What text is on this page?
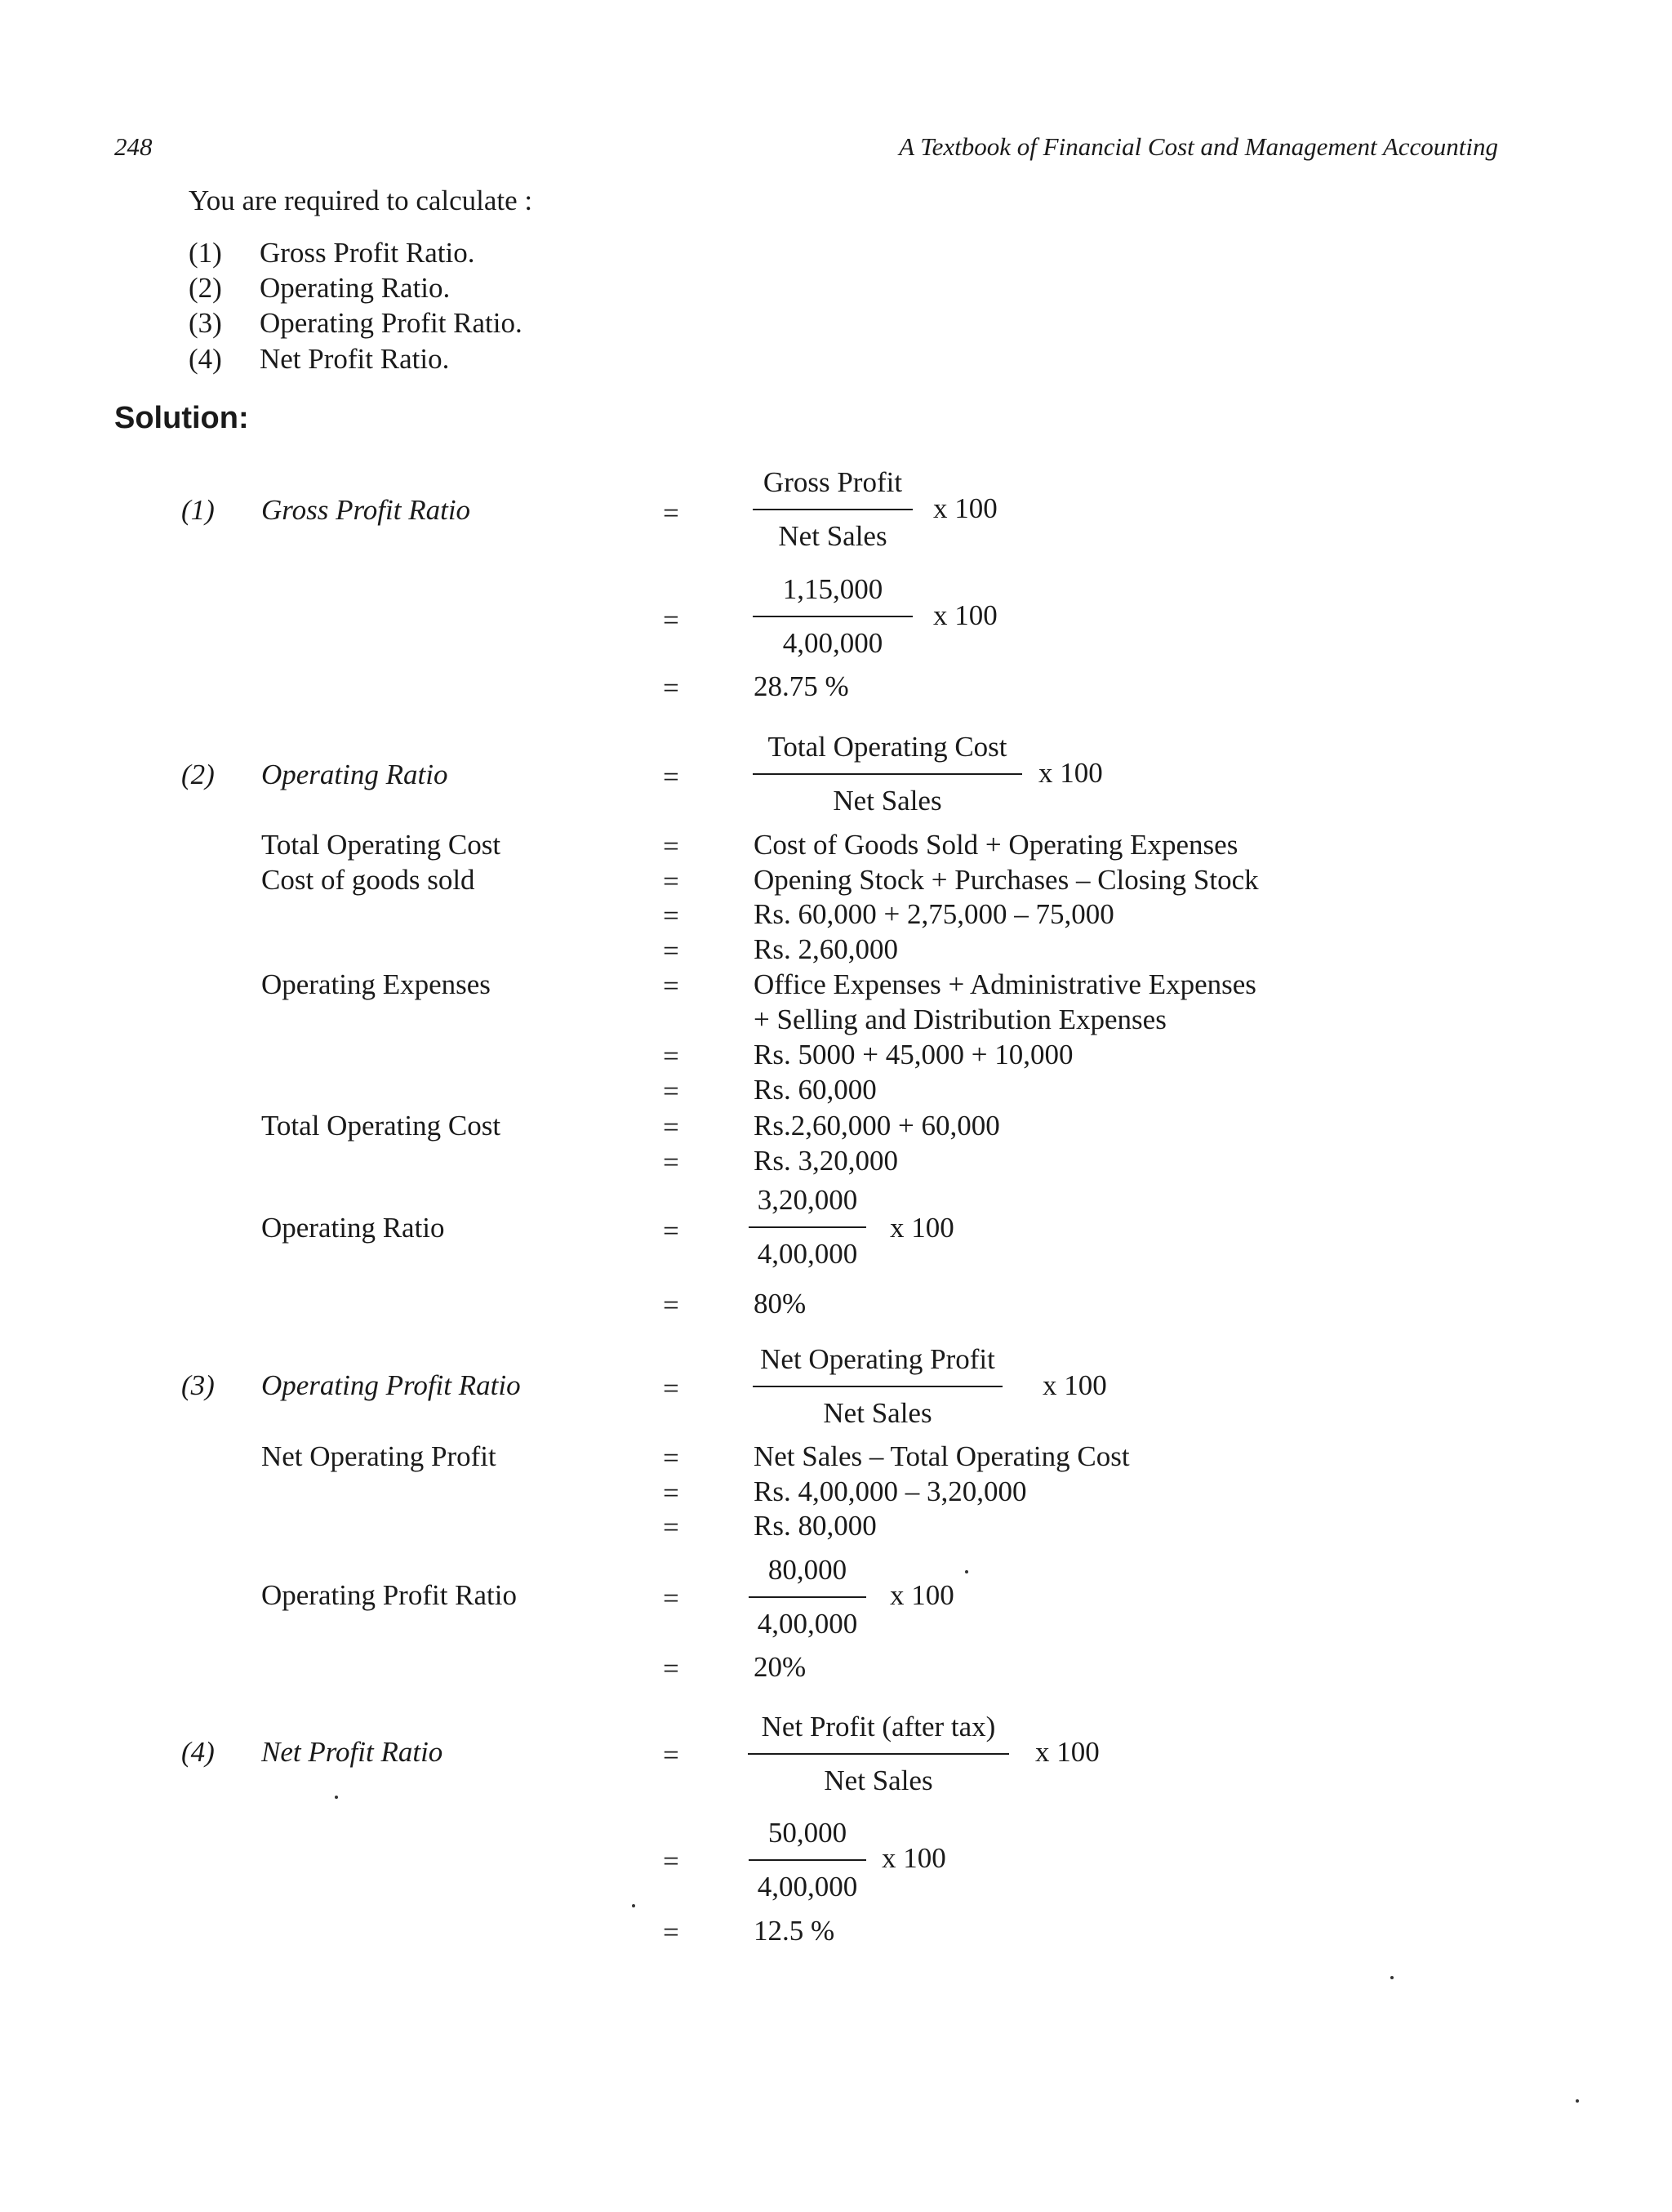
248	A Textbook of Financial Cost and Management Accounting
You are required to calculate :
(1) Gross Profit Ratio.
(2) Operating Ratio.
(3) Operating Profit Ratio.
(4) Net Profit Ratio.
Solution:
(1) Gross Profit Ratio	=
Gross Profit
Net Sales
x 100
=
1,15,000
4,00,000
x 100
=	28.75 %
(2) Operating Ratio	=
Total Operating Cost
Net Sales
x 100
Total Operating Cost	=	Cost of Goods Sold + Operating Expenses
Cost of goods sold	=	Opening Stock + Purchases – Closing Stock
=	Rs. 60,000 + 2,75,000 – 75,000
=	Rs. 2,60,000
Operating Expenses	=	Office Expenses + Administrative Expenses
+ Selling and Distribution Expenses
=	Rs. 5000 + 45,000 + 10,000
=	Rs. 60,000
Total Operating Cost	=	Rs.2,60,000 + 60,000
=	Rs. 3,20,000
Operating Ratio	=
3,20,000
4,00,000
x 100
=	80%
(3) Operating Profit Ratio	=
Net Operating Profit
Net Sales
x 100
Net Operating Profit	=	Net Sales – Total Operating Cost
=	Rs. 4,00,000 – 3,20,000
=	Rs. 80,000
Operating Profit Ratio	=
80,000
4,00,000
x 100
=	20%
(4) Net Profit Ratio	=
Net Profit (after tax)
Net Sales
x 100
=
50,000
4,00,000
x 100
=	12.5 %
